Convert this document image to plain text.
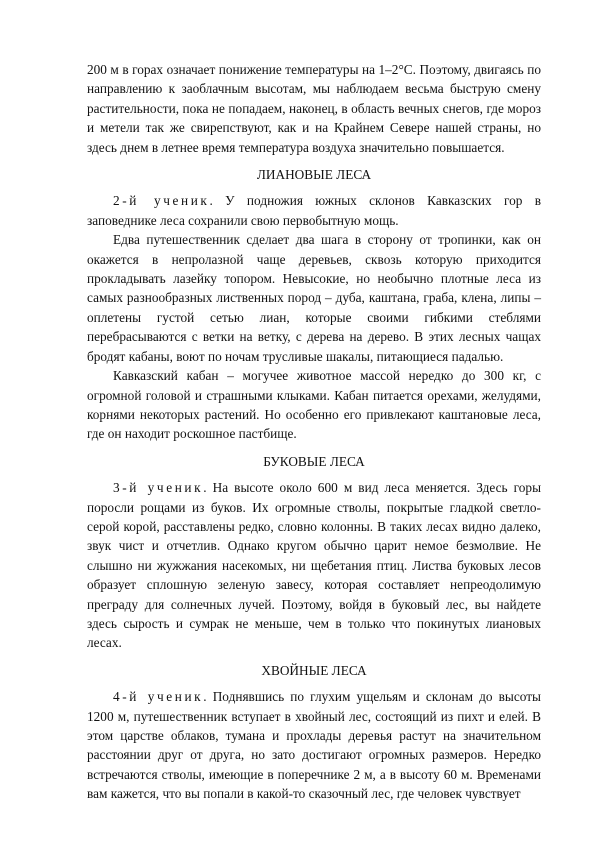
200 м в горах означает понижение температуры на 1–2°С. Поэтому, двигаясь по направлению к заоблачным высотам, мы наблюдаем весьма быструю смену растительности, пока не попадаем, наконец, в область вечных снегов, где мороз и метели так же свирепствуют, как и на Крайнем Севере нашей страны, но здесь днем в летнее время температура воздуха значительно повышается.

ЛИАНОВЫЕ ЛЕСА

2-й ученик. У подножия южных склонов Кавказских гор в заповеднике леса сохранили свою первобытную мощь.

Едва путешественник сделает два шага в сторону от тропинки, как он окажется в непролазной чаще деревьев, сквозь которую приходится прокладывать лазейку топором. Невысокие, но необычно плотные леса из самых разнообразных лиственных пород – дуба, каштана, граба, клена, липы – оплетены густой сетью лиан, которые своими гибкими стеблями перебрасываются с ветки на ветку, с дерева на дерево. В этих лесных чащах бродят кабаны, воют по ночам трусливые шакалы, питающиеся падалью.

Кавказский кабан – могучее животное массой нередко до 300 кг, с огромной головой и страшными клыками. Кабан питается орехами, желудями, корнями некоторых растений. Но особенно его привлекают каштановые леса, где он находит роскошное пастбище.

БУКОВЫЕ ЛЕСА

3-й ученик. На высоте около 600 м вид леса меняется. Здесь горы поросли рощами из буков. Их огромные стволы, покрытые гладкой светло-серой корой, расставлены редко, словно колонны. В таких лесах видно далеко, звук чист и отчетлив. Однако кругом обычно царит немое безмолвие. Не слышно ни жужжания насекомых, ни щебетания птиц. Листва буковых лесов образует сплошную зеленую завесу, которая составляет непреодолимую преграду для солнечных лучей. Поэтому, войдя в буковый лес, вы найдете здесь сырость и сумрак не меньше, чем в только что покинутых лиановых лесах.

ХВОЙНЫЕ ЛЕСА

4-й ученик. Поднявшись по глухим ущельям и склонам до высоты 1200 м, путешественник вступает в хвойный лес, состоящий из пихт и елей. В этом царстве облаков, тумана и прохлады деревья растут на значительном расстоянии друг от друга, но зато достигают огромных размеров. Нередко встречаются стволы, имеющие в поперечнике 2 м, а в высоту 60 м. Временами вам кажется, что вы попали в какой-то сказочный лес, где человек чувствует
